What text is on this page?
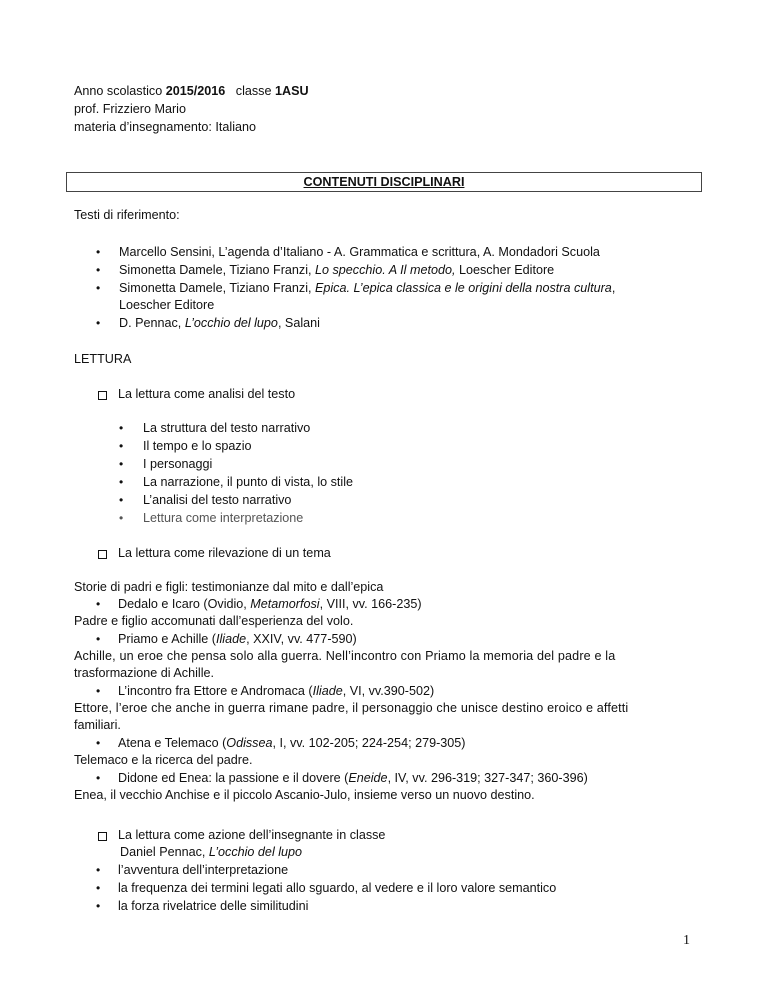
Anno scolastico 2015/2016 classe 1ASU
prof. Frizziero Mario
materia d’insegnamento: Italiano
CONTENUTI DISCIPLINARI
Testi di riferimento:
• Marcello Sensini, L’agenda d’Italiano - A. Grammatica e scrittura, A. Mondadori Scuola
• Simonetta Damele, Tiziano Franzi, Lo specchio. A Il metodo, Loescher Editore
• Simonetta Damele, Tiziano Franzi, Epica. L’epica classica e le origini della nostra cultura,
Loescher Editore
• D. Pennac, L’occhio del lupo, Salani
LETTURA
La lettura come analisi del testo
• La struttura del testo narrativo
• Il tempo e lo spazio
• I personaggi
• La narrazione, il punto di vista, lo stile
• L’analisi del testo narrativo
• Lettura come interpretazione
La lettura come rilevazione di un tema
Storie di padri e figli: testimonianze dal mito e dall’epica
• Dedalo e Icaro (Ovidio, Metamorfosi, VIII, vv. 166-235)
Padre e figlio accomunati dall’esperienza del volo.
• Priamo e Achille (Iliade, XXIV, vv. 477-590)
Achille, un eroe che pensa solo alla guerra. Nell’incontro con Priamo la memoria del padre e la
trasformazione di Achille.
• L’incontro fra Ettore e Andromaca (Iliade, VI, vv.390-502)
Ettore, l’eroe che anche in guerra rimane padre, il personaggio che unisce destino eroico e affetti
familiari.
• Atena e Telemaco (Odissea, I, vv. 102-205; 224-254; 279-305)
Telemaco e la ricerca del padre.
• Didone ed Enea: la passione e il dovere (Eneide, IV, vv. 296-319; 327-347; 360-396)
Enea, il vecchio Anchise e il piccolo Ascanio-Julo, insieme verso un nuovo destino.
La lettura come azione dell’insegnante in classe
Daniel Pennac, L’occhio del lupo
• l’avventura dell’interpretazione
• la frequenza dei termini legati allo sguardo, al vedere e il loro valore semantico
• la forza rivelatrice delle similitudini
1
